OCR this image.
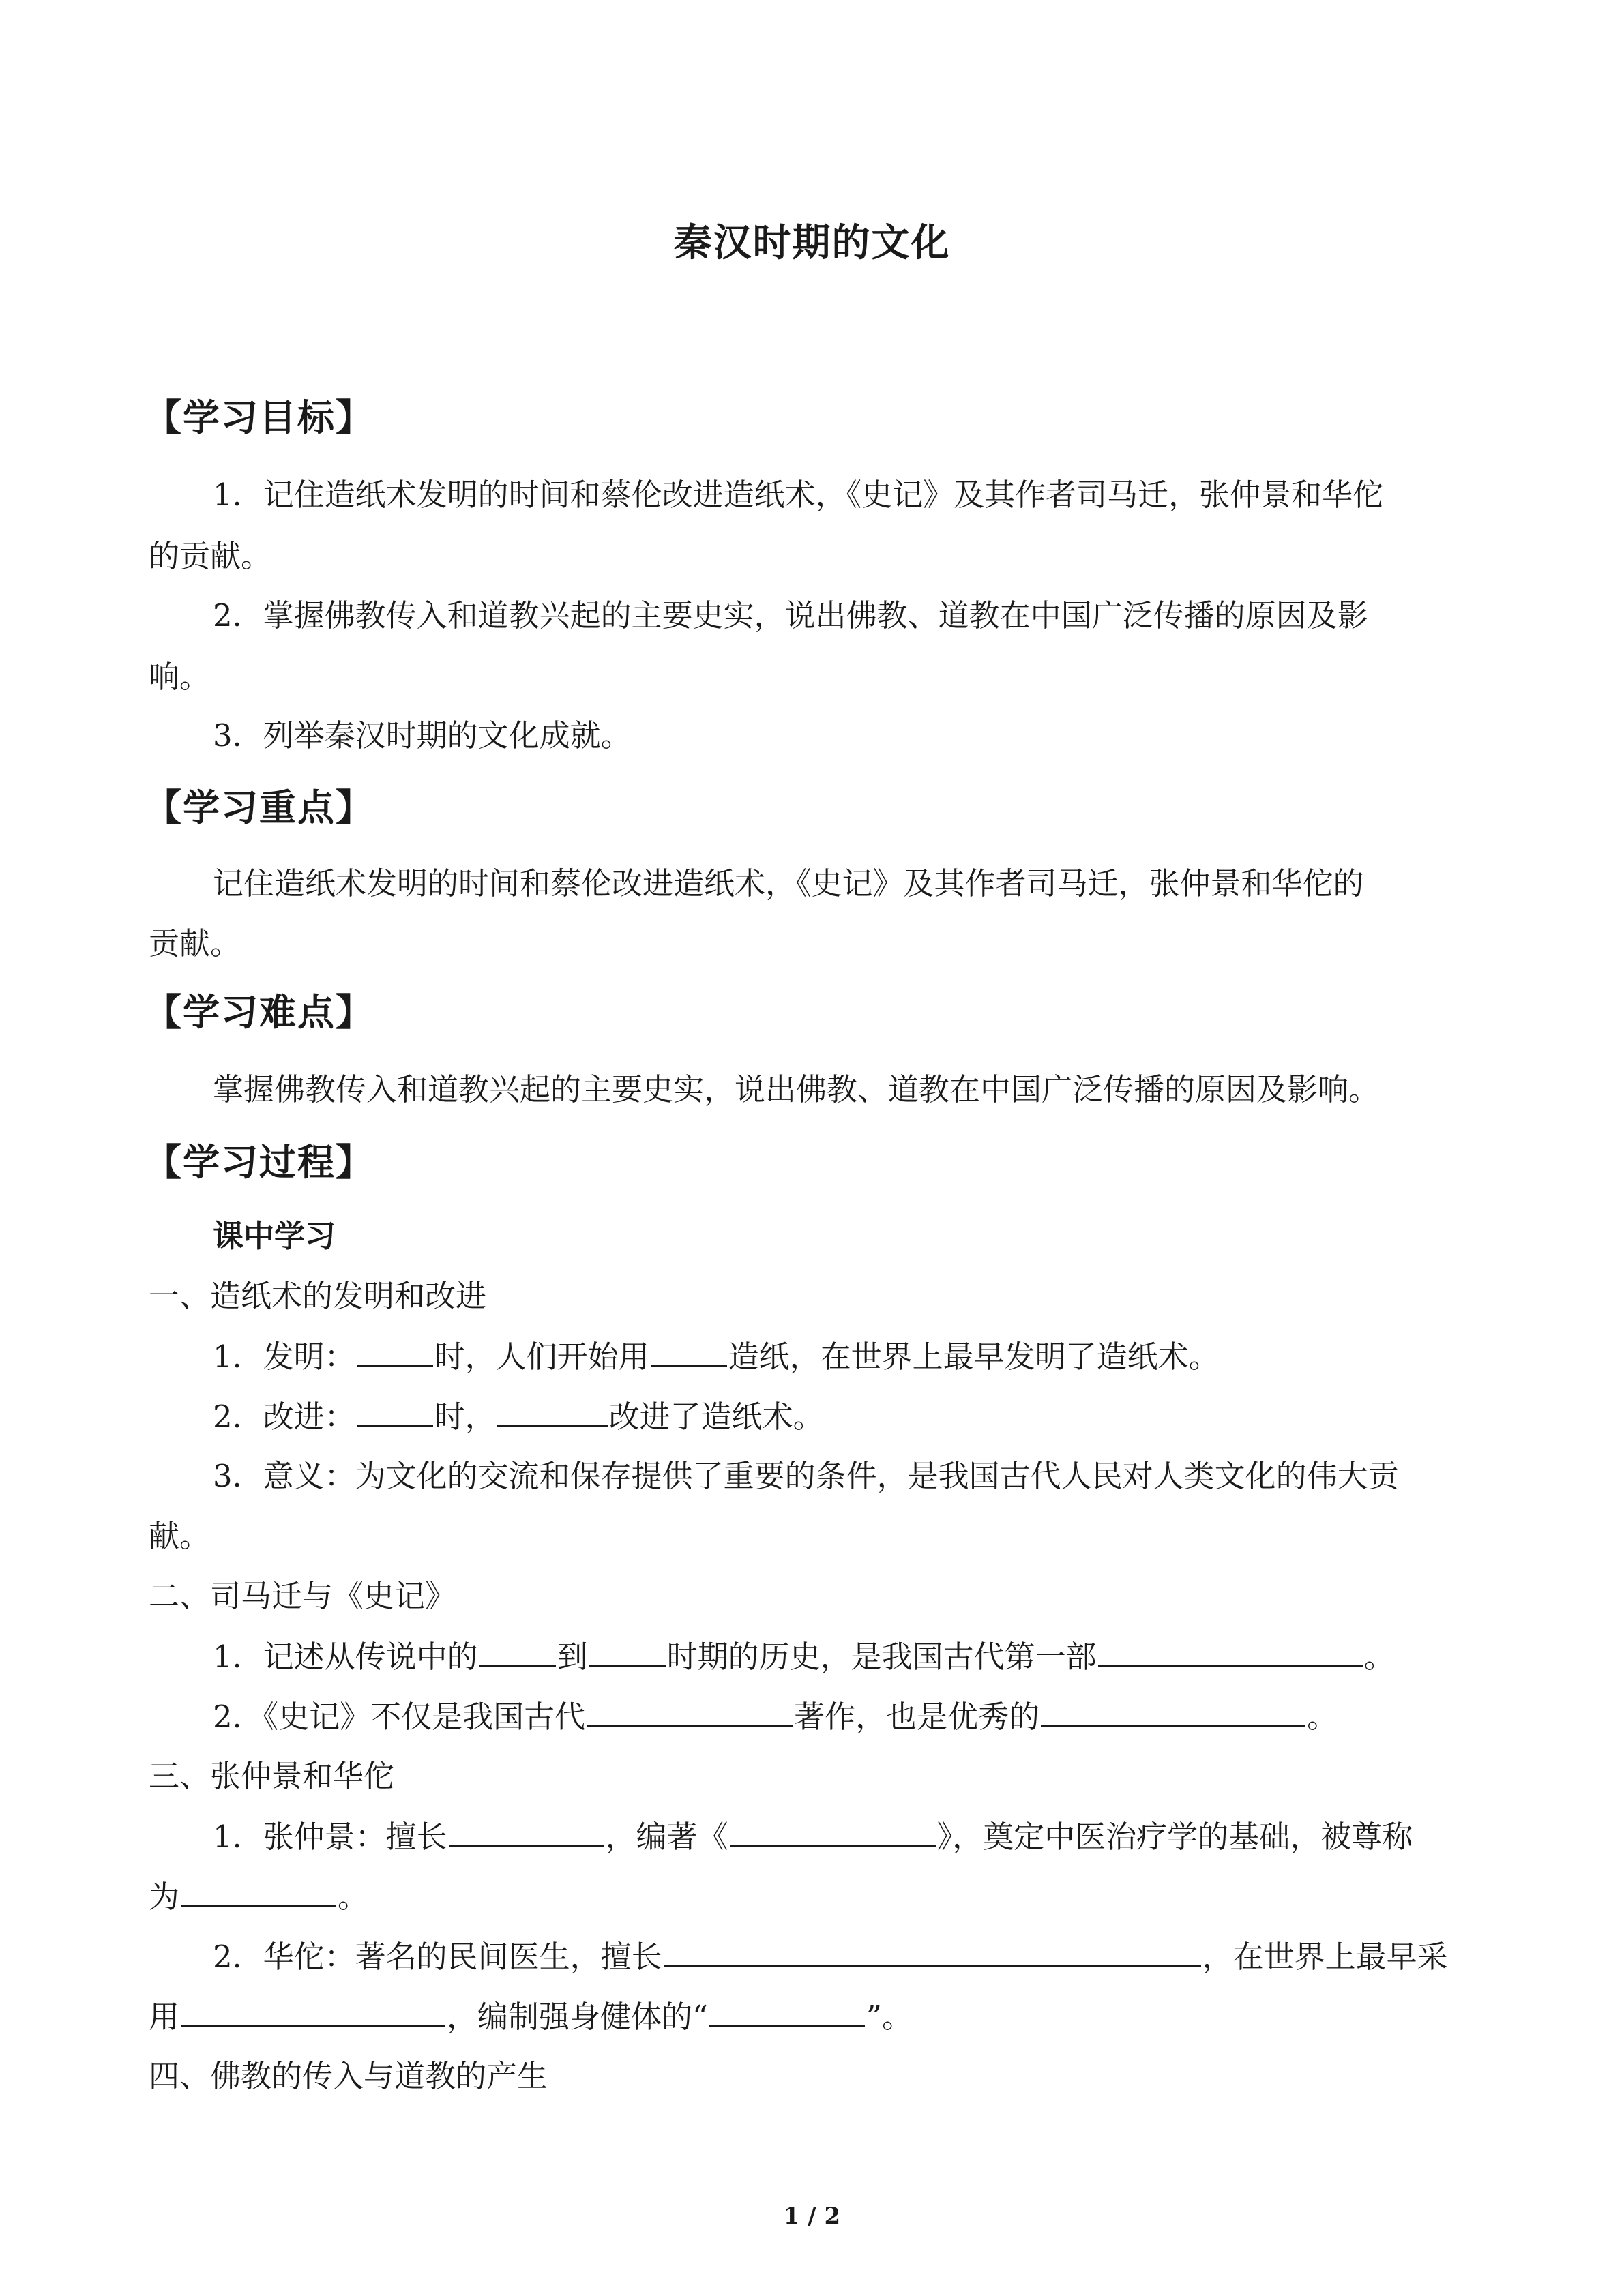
秦汉时期的文化
【学习目标】
1．记住造纸术发明的时间和蔡伦改进造纸术，《史记》及其作者司马迁，张仲景和华佗
的贡献。
2．掌握佛教传入和道教兴起的主要史实，说出佛教、道教在中国广泛传播的原因及影
响。
3．列举秦汉时期的文化成就。
【学习重点】
记住造纸术发明的时间和蔡伦改进造纸术，《史记》及其作者司马迁，张仲景和华佗的
贡献。
【学习难点】
掌握佛教传入和道教兴起的主要史实，说出佛教、道教在中国广泛传播的原因及影响。
【学习过程】
课中学习
一、造纸术的发明和改进
1．发明：	时，人们开始用	造纸，在世界上最早发明了造纸术。
2．改进：	时，	改进了造纸术。
3．意义：为文化的交流和保存提供了重要的条件，是我国古代人民对人类文化的伟大贡
献。
二、司马迁与《史记》
1．记述从传说中的	到	时期的历史，是我国古代第一部	。
2．《史记》不仅是我国古代	著作，也是优秀的	。
三、张仲景和华佗
1．张仲景：擅长	，编著《	》，奠定中医治疗学的基础，被尊称
为	。
2．华佗：著名的民间医生，擅长	，在世界上最早采
用	，编制强身健体的“	”。
四、佛教的传入与道教的产生
1 / 2
